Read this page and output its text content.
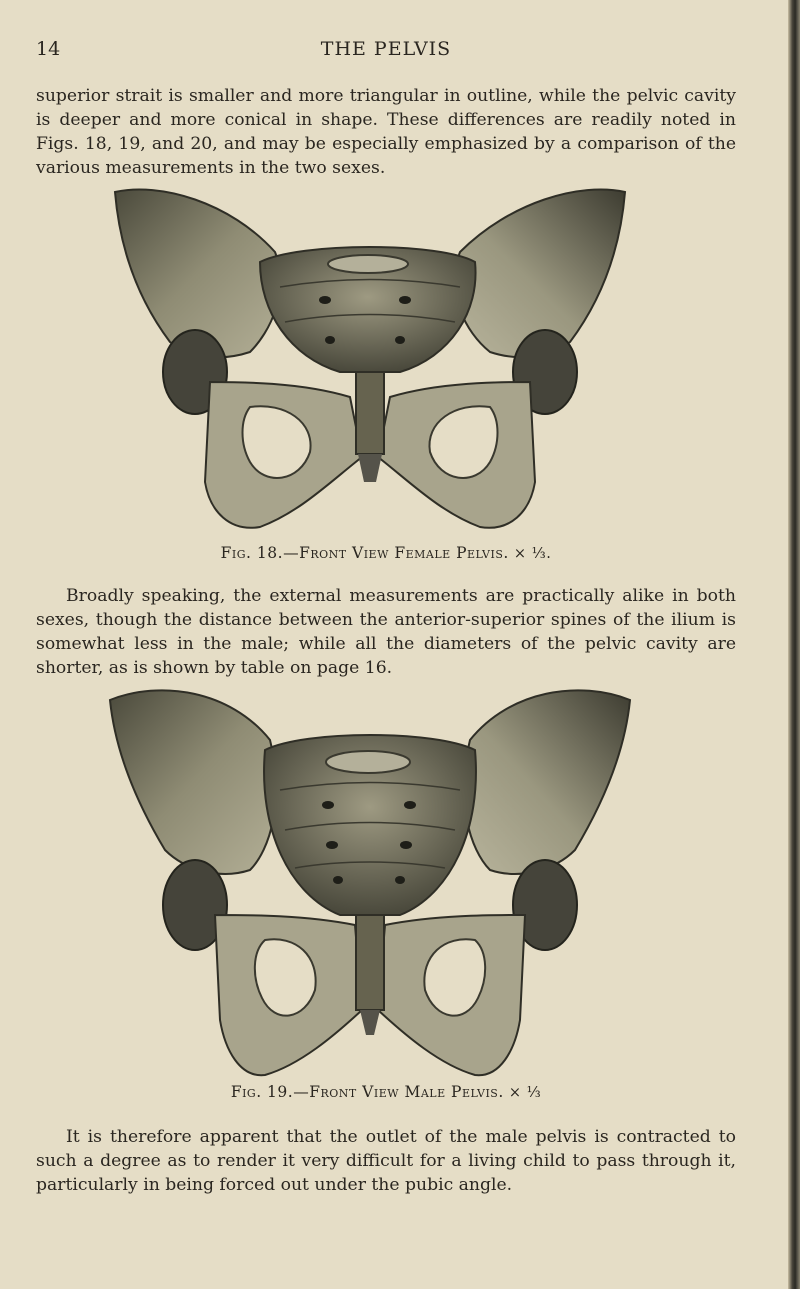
14	THE PELVIS
superior strait is smaller and more triangular in outline, while the pelvic cavity is deeper and more conical in shape. These differences are readily noted in Figs. 18, 19, and 20, and may be especially emphasized by a comparison of the various measurements in the two sexes.
Fig. 18.—Front View Female Pelvis. × ⅓.
Broadly speaking, the external measurements are practically alike in both sexes, though the distance between the anterior-superior spines of the ilium is somewhat less in the male; while all the diameters of the pelvic cavity are shorter, as is shown by table on page 16.
Fig. 19.—Front View Male Pelvis. × ⅓
It is therefore apparent that the outlet of the male pelvis is contracted to such a degree as to render it very difficult for a living child to pass through it, particularly in being forced out under the pubic angle.
